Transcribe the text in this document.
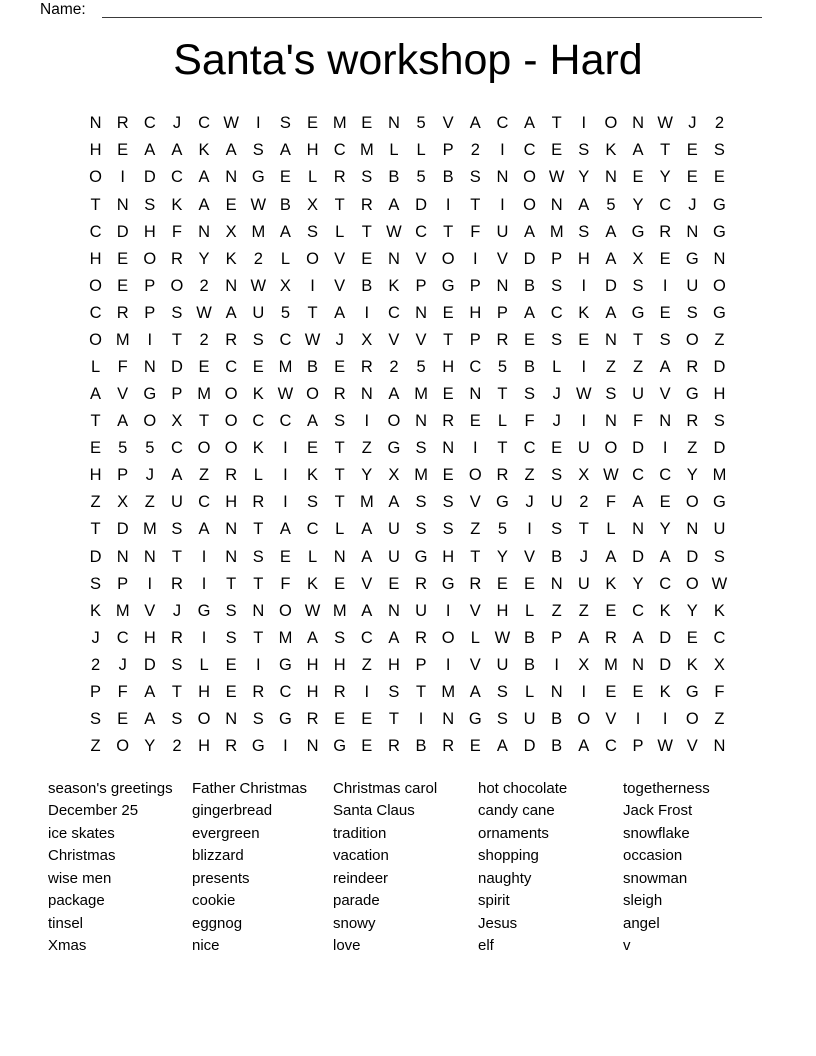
Name:
Santa's workshop - Hard
N R C	J	C W	I	S E M E N	5	V A C A	T	I	O N W J	2
H E A A K A S A H C M L	L	P	2	I	C E S K A	T	E S
O	I	D C A N G E	L	R S B	5	B S N O W Y N E Y E E
T N S K A E W B X	T R A D	I	T	I	O N A	5	Y C	J	G
C D H F N X M A S	L	T W C T	F U A M S A G R N G
H E O R Y K	2	L O V E N V O	I	V D P H A X E G N
O E P O 2	N W X	I	V B K P G P N B S	I	D S	I	U O
C R P S W A U	5	T	A	I	C N E H P A C K A G E S G
O M	I	T	2	R S C W J	X V V	T	P R E S E N T	S O Z
L	F N D E C E M B E R	2	5	H C	5	B	L	I	Z	Z	A R D
A V G P M O K W O R N A M E N T	S	J W S U V G H
T	A O X	T O C C A S	I	O N R E	L	F	J	I	N F N R S
E	5	5	C O O K	I	E	T	Z G S N	I	T C E U O D	I	Z D
H P	J	A	Z R	L	I	K	T	Y X M E O R Z	S X W C C Y M
Z	X	Z U C H R	I	S	T M A S S V G	J	U	2	F	A E O G
T D M S A N T	A C	L	A U S S	Z	5	I	S	T	L	N Y N U
D N N T	I	N S E	L	N A U G H T	Y V B	J	A D A D S
S P	I	R	I	T	T	F	K E V E R G R E E N U K Y C O W
K M V	J	G S N O W M A N U	I	V H	L	Z	Z	E C K Y K
J	C H R	I	S	T M A S C A R O L W B P A R A D E C
2	J	D S	L	E	I	G H H Z H P	I	V U B	I	X M N D K X
P	F	A	T H E R C H R	I	S	T M A S	L	N	I	E E K G F
S E A S O N S G R E E	T	I	N G S U B O V	I	I	O Z
Z O Y	2	H R G	I	N G E R B R E A D B A C P W V N
season's greetings
December 25
ice skates
Christmas
wise men
package
tinsel
Xmas
Father Christmas
gingerbread
evergreen
blizzard
presents
cookie
eggnog
nice
Christmas carol
Santa Claus
tradition
vacation
reindeer
parade
snowy
love
hot chocolate
candy cane
ornaments
shopping
naughty
spirit
Jesus
elf
togetherness
Jack Frost
snowflake
occasion
snowman
sleigh
angel
v
